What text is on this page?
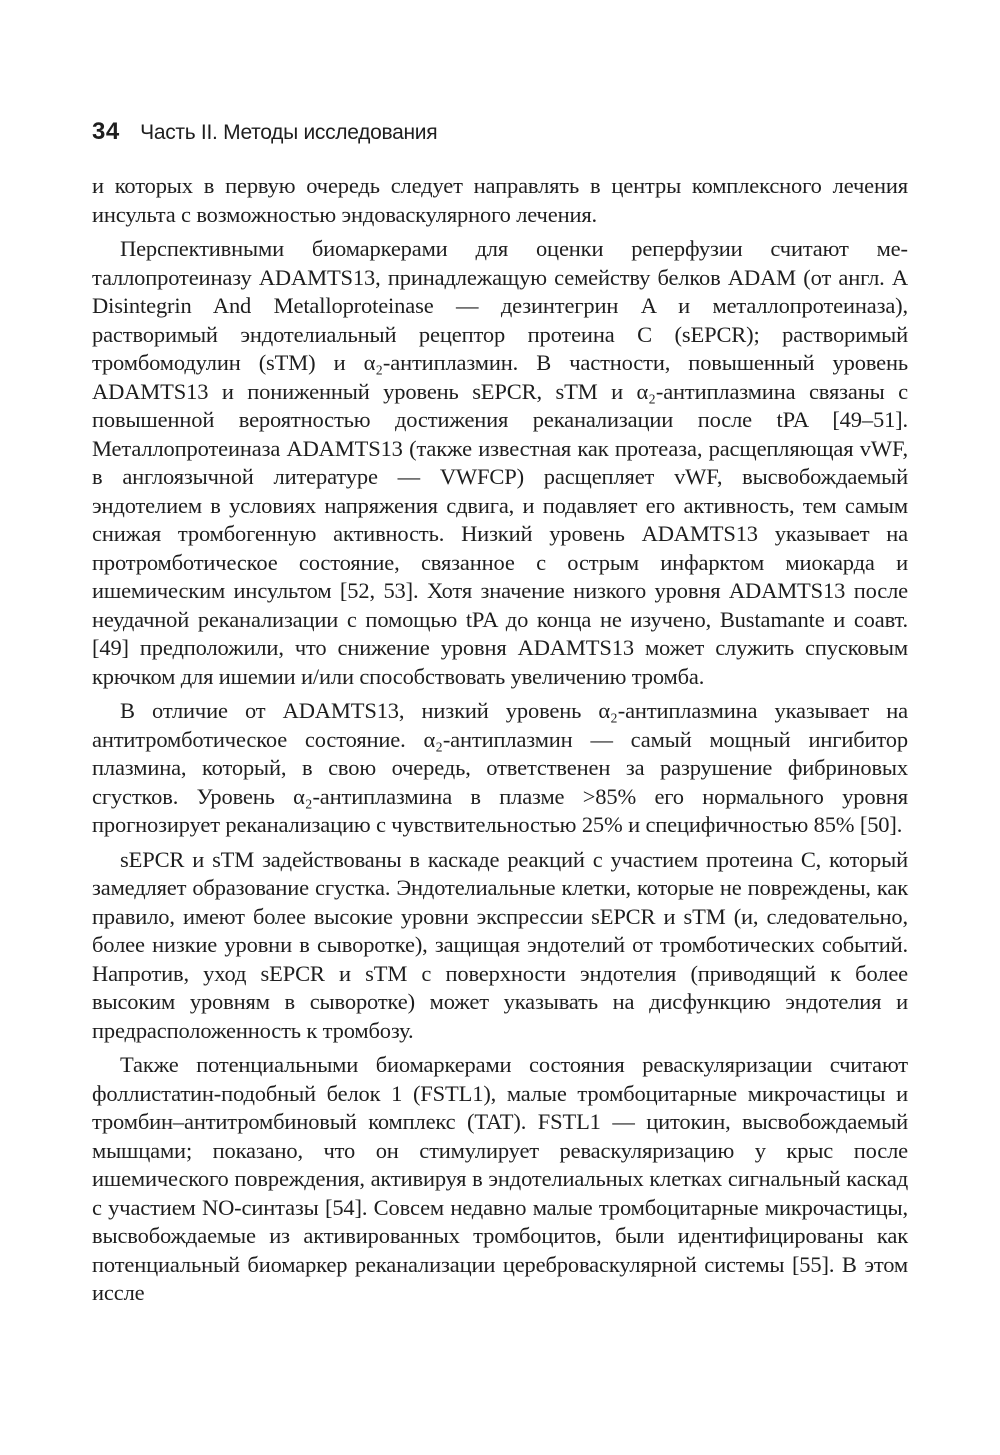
34 Часть II. Методы исследования

и которых в первую очередь следует направлять в центры комплексного лечения инсульта с возможностью эндоваскулярного лечения.

Перспективными биомаркерами для оценки реперфузии считают металлопротеиназу ADAMTS13, принадлежащую семейству белков ADAM (от англ. A Disintegrin And Metalloproteinase — дезинтегрин A и металлопротеиназа), растворимый эндотелиальный рецептор протеина C (sEPCR); растворимый тромбомодулин (sTM) и α₂-антиплазмин. В частности, повышенный уровень ADAMTS13 и пониженный уровень sEPCR, sTM и α₂-антиплазмина связаны с повышенной вероятностью достижения реканализации после tPA [49–51]. Металлопротеиназа ADAMTS13 (также известная как протеаза, расщепляющая vWF, в англоязычной литературе — VWFCP) расщепляет vWF, высвобождаемый эндотелием в условиях напряжения сдвига, и подавляет его активность, тем самым снижая тромбогенную активность. Низкий уровень ADAMTS13 указывает на протромботическое состояние, связанное с острым инфарктом миокарда и ишемическим инсультом [52, 53]. Хотя значение низкого уровня ADAMTS13 после неудачной реканализации с помощью tPA до конца не изучено, Bustamante и соавт. [49] предположили, что снижение уровня ADAMTS13 может служить спусковым крючком для ишемии и/или способствовать увеличению тромба.

В отличие от ADAMTS13, низкий уровень α₂-антиплазмина указывает на антитромботическое состояние. α₂-антиплазмин — самый мощный ингибитор плазмина, который, в свою очередь, ответственен за разрушение фибриновых сгустков. Уровень α₂-антиплазмина в плазме >85% его нормального уровня прогнозирует реканализацию с чувствительностью 25% и специфичностью 85% [50].

sEPCR и sTM задействованы в каскаде реакций с участием протеина C, который замедляет образование сгустка. Эндотелиальные клетки, которые не повреждены, как правило, имеют более высокие уровни экспрессии sEPCR и sTM (и, следовательно, более низкие уровни в сыворотке), защищая эндотелий от тромботических событий. Напротив, уход sEPCR и sTM с поверхности эндотелия (приводящий к более высоким уровням в сыворотке) может указывать на дисфункцию эндотелия и предрасположенность к тромбозу.

Также потенциальными биомаркерами состояния реваскуляризации считают фоллистатин-подобный белок 1 (FSTL1), малые тромбоцитарные микрочастицы и тромбин–антитромбиновый комплекс (TAT). FSTL1 — цитокин, высвобождаемый мышцами; показано, что он стимулирует реваскуляризацию у крыс после ишемического повреждения, активируя в эндотелиальных клетках сигнальный каскад с участием NO-синтазы [54]. Совсем недавно малые тромбоцитарные микрочастицы, высвобождаемые из активированных тромбоцитов, были идентифицированы как потенциальный биомаркер реканализации цереброваскулярной системы [55]. В этом иссле
